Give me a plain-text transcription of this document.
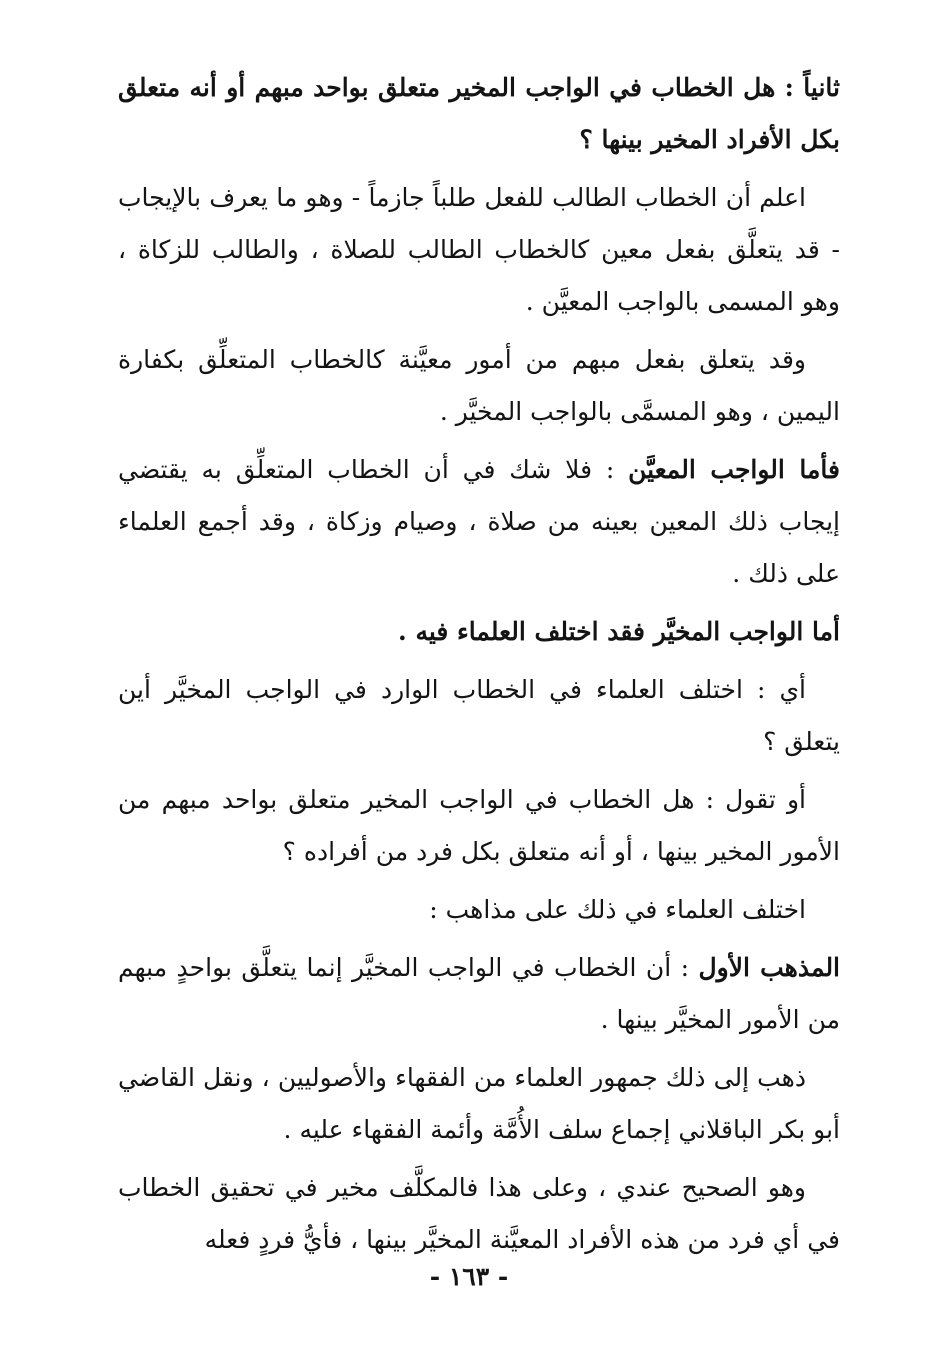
ثانياً : هل الخطاب في الواجب المخير متعلق بواحد مبهم أو أنه متعلق بكل الأفراد المخير بينها ؟

اعلم أن الخطاب الطالب للفعل طلباً جازماً - وهو ما يعرف بالإيجاب - قد يتعلَّق بفعل معين كالخطاب الطالب للصلاة ، والطالب للزكاة ، وهو المسمى بالواجب المعيَّن .

وقد يتعلق بفعل مبهم من أمور معيَّنة كالخطاب المتعلِّق بكفارة اليمين ، وهو المسمَّى بالواجب المخيَّر .

فأما الواجب المعيَّن : فلا شك في أن الخطاب المتعلِّق به يقتضي إيجاب ذلك المعين بعينه من صلاة ، وصيام وزكاة ، وقد أجمع العلماء على ذلك .

أما الواجب المخيَّر فقد اختلف العلماء فيه .

أي : اختلف العلماء في الخطاب الوارد في الواجب المخيَّر أين يتعلق ؟

أو تقول : هل الخطاب في الواجب المخير متعلق بواحد مبهم من الأمور المخير بينها ، أو أنه متعلق بكل فرد من أفراده ؟

اختلف العلماء في ذلك على مذاهب :

المذهب الأول : أن الخطاب في الواجب المخيَّر إنما يتعلَّق بواحدٍ مبهم من الأمور المخيَّر بينها .

ذهب إلى ذلك جمهور العلماء من الفقهاء والأصوليين ، ونقل القاضي أبو بكر الباقلاني إجماع سلف الأُمَّة وأئمة الفقهاء عليه .

وهو الصحيح عندي ، وعلى هذا فالمكلَّف مخير في تحقيق الخطاب في أي فرد من هذه الأفراد المعيَّنة المخيَّر بينها ، فأيُّ فردٍ فعله

- ١٦٣ -
